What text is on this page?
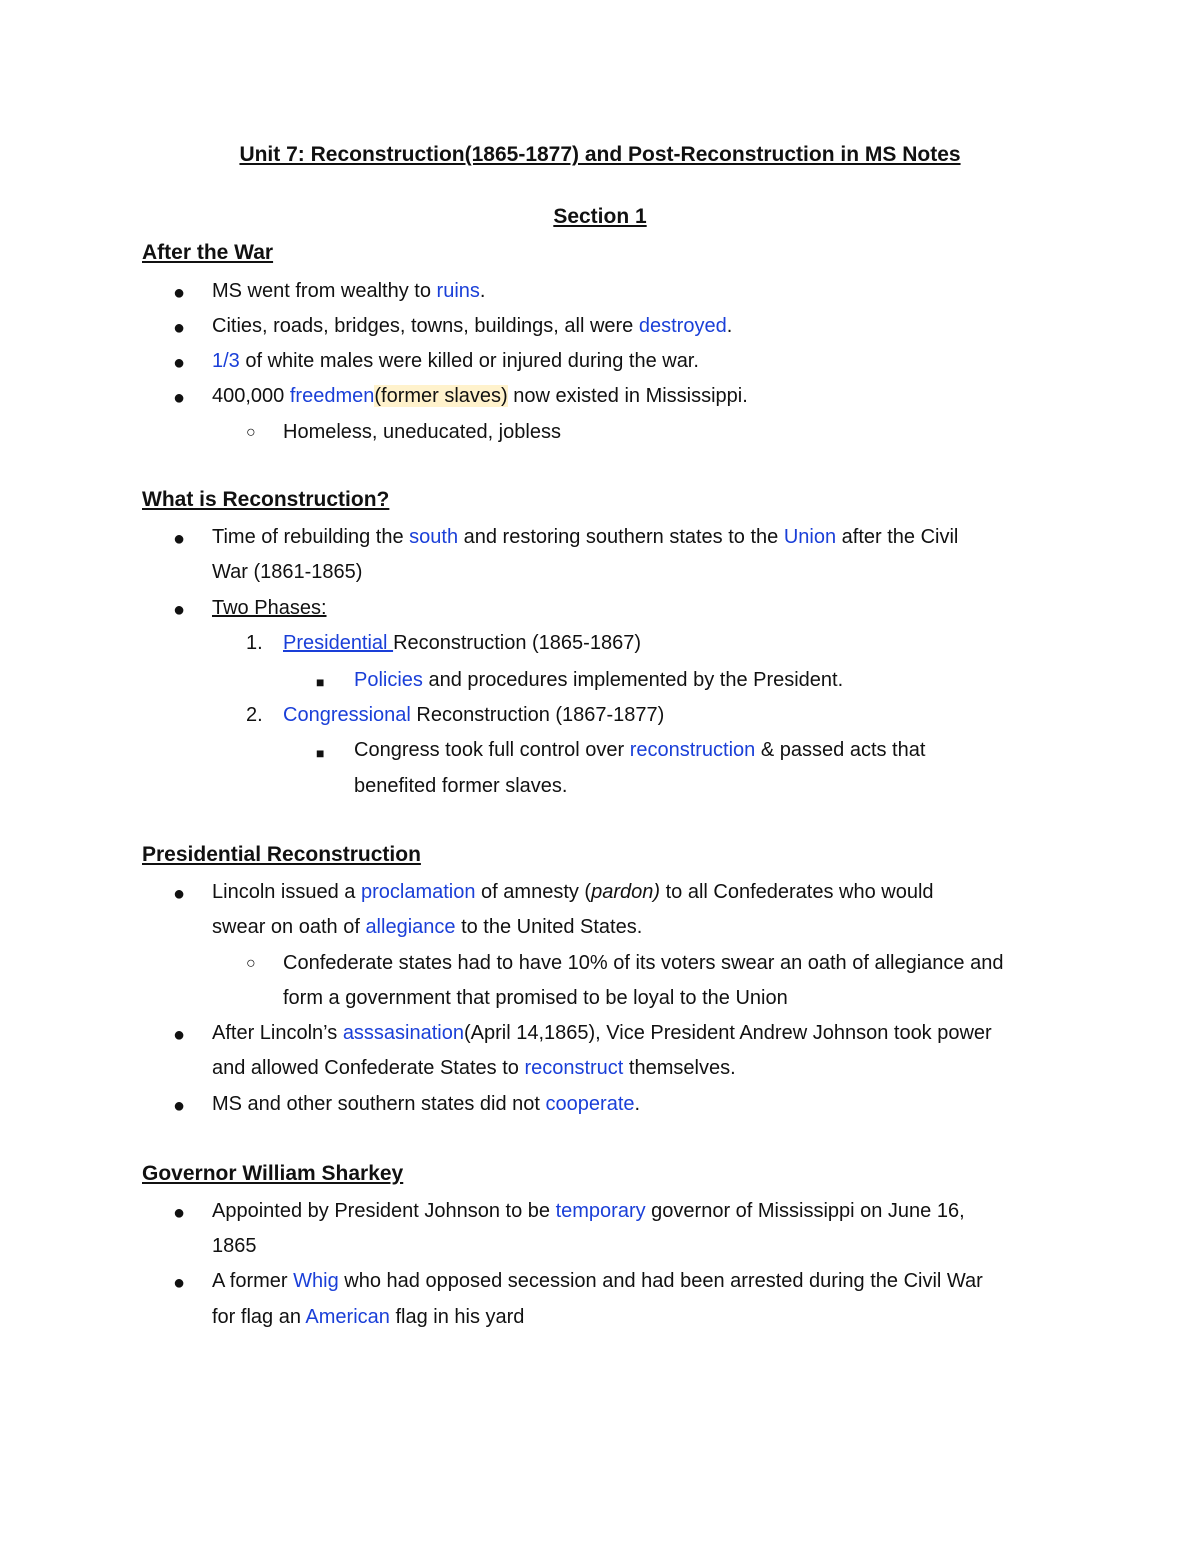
Unit 7: Reconstruction(1865-1877) and Post-Reconstruction in MS Notes
Section 1
After the War
● MS went from wealthy to ruins.

● Cities, roads, bridges, towns, buildings, all were destroyed.

● 1/3 of white males were killed or injured during the war.

● 400,000 freedmen(former slaves) now existed in Mississippi.

○ Homeless, uneducated, jobless

What is Reconstruction?
● Time of rebuilding the south and restoring southern states to the Union after the Civil

War (1861-1865)

● Two Phases:

1. Presidential Reconstruction (1865-1867)

■ Policies and procedures implemented by the President.

2. Congressional Reconstruction (1867-1877)

■ Congress took full control over reconstruction & passed acts that

benefited former slaves.

Presidential Reconstruction
● Lincoln issued a proclamation of amnesty (pardon) to all Confederates who would

swear on oath of allegiance to the United States.

○ Confederate states had to have 10% of its voters swear an oath of allegiance and

form a government that promised to be loyal to the Union

● After Lincoln’s asssasination(April 14,1865), Vice President Andrew Johnson took power

and allowed Confederate States to reconstruct themselves.

● MS and other southern states did not cooperate.

Governor William Sharkey
● Appointed by President Johnson to be temporary governor of Mississippi on June 16,

1865

● A former Whig who had opposed secession and had been arrested during the Civil War

for flag an American flag in his yard
